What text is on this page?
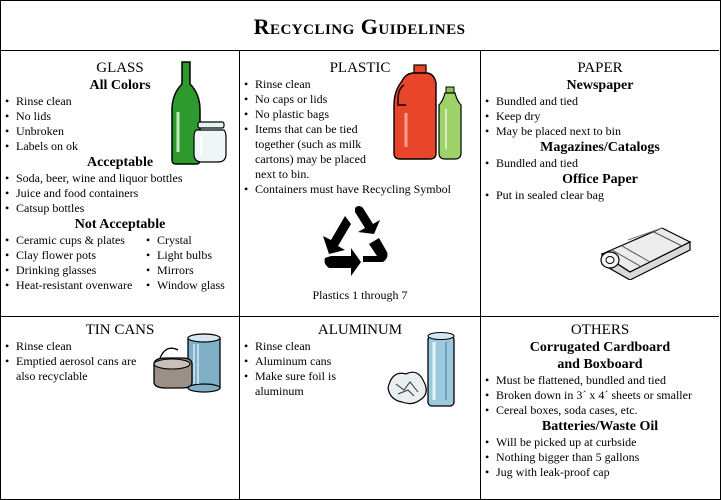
Recycling Guidelines
GLASS
All Colors
• Rinse clean
• No lids
• Unbroken
• Labels on ok
Acceptable
• Soda, beer, wine and liquor bottles
• Juice and food containers
• Catsup bottles
Not Acceptable
• Ceramic cups & plates
• Clay flower pots
• Drinking glasses
• Heat-resistant ovenware
• Crystal
• Light bulbs
• Mirrors
• Window glass
PLASTIC
• Rinse clean
• No caps or lids
• No plastic bags
• Items that can be tied together (such as milk cartons) may be placed next to bin.
• Containers must have Recycling Symbol
Plastics 1 through 7
PAPER
Newspaper
• Bundled and tied
• Keep dry
• May be placed next to bin
Magazines/Catalogs
• Bundled and tied
Office Paper
• Put in sealed clear bag
TIN CANS
• Rinse clean
• Emptied aerosol cans are also recyclable
ALUMINUM
• Rinse clean
• Aluminum cans
• Make sure foil is aluminum
OTHERS
Corrugated Cardboard
and Boxboard
• Must be flattened, bundled and tied
• Broken down in 3´ x 4´ sheets or smaller
• Cereal boxes, soda cases, etc.
Batteries/Waste Oil
• Will be picked up at curbside
• Nothing bigger than 5 gallons
• Jug with leak-proof cap
